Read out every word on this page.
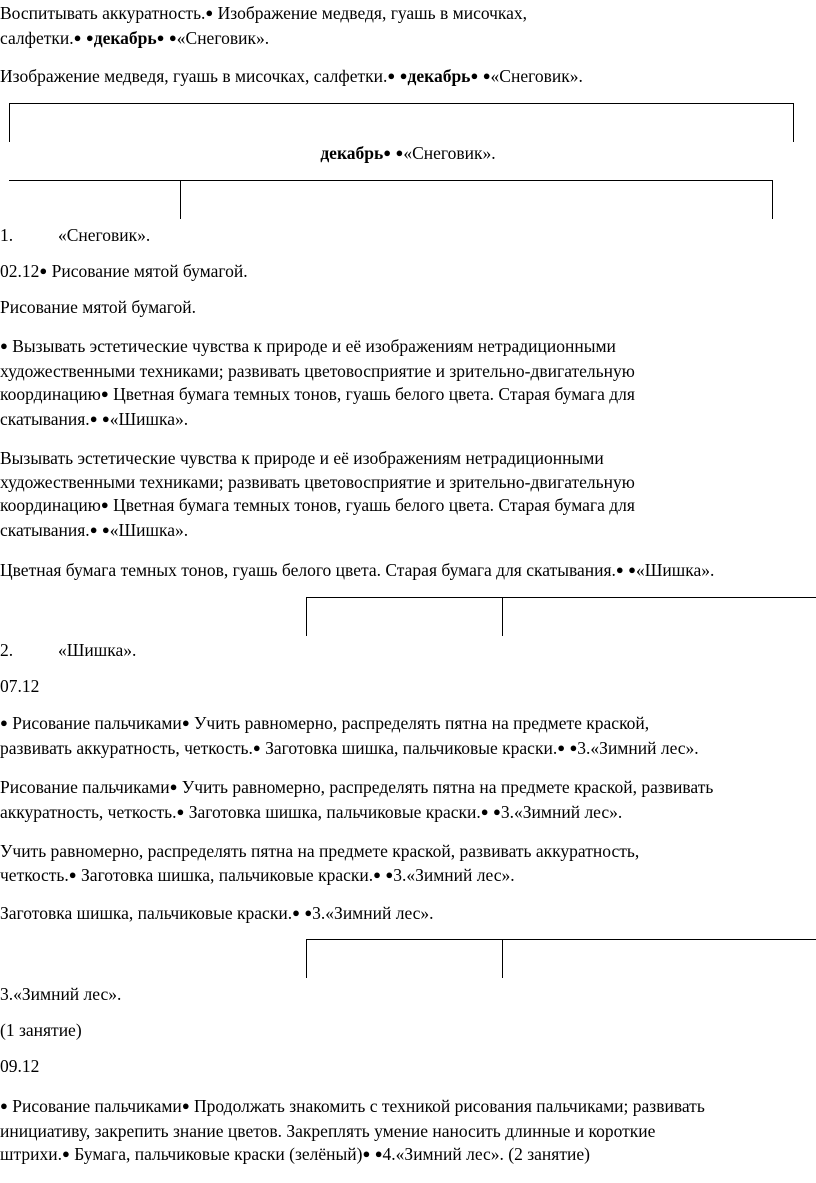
Воспитывать аккуратность.● Изображение медведя, гуашь в мисочках,
салфетки.● ●декабрь● ●«Снеговик».
Изображение медведя, гуашь в мисочках, салфетки.● ●декабрь● ●«Снеговик».
декабрь● ●«Снеговик».
1.	«Снеговик».
02.12● Рисование мятой бумагой.
Рисование мятой бумагой.
● Вызывать эстетические чувства к природе и её изображениям нетрадиционными
художественными техниками; развивать цветовосприятие и зрительно-двигательную
координацию● Цветная бумага темных тонов, гуашь белого цвета. Старая бумага для
скатывания.● ●«Шишка».
Вызывать эстетические чувства к природе и её изображениям нетрадиционными
художественными техниками; развивать цветовосприятие и зрительно-двигательную
координацию● Цветная бумага темных тонов, гуашь белого цвета. Старая бумага для
скатывания.● ●«Шишка».
Цветная бумага темных тонов, гуашь белого цвета. Старая бумага для скатывания.● ●«Шишка».
2.	«Шишка».
07.12
● Рисование пальчиками● Учить равномерно, распределять пятна на предмете краской,
развивать аккуратность, четкость.● Заготовка шишка, пальчиковые краски.● ●3.«Зимний лес».
Рисование пальчиками● Учить равномерно, распределять пятна на предмете краской, развивать
аккуратность, четкость.● Заготовка шишка, пальчиковые краски.● ●3.«Зимний лес».
Учить равномерно, распределять пятна на предмете краской, развивать аккуратность,
четкость.● Заготовка шишка, пальчиковые краски.● ●3.«Зимний лес».
Заготовка шишка, пальчиковые краски.● ●3.«Зимний лес».
3.«Зимний лес».
(1 занятие)
09.12
● Рисование пальчиками● Продолжать знакомить с техникой рисования пальчиками; развивать
инициативу, закрепить знание цветов. Закреплять умение наносить длинные и короткие
штрихи.● Бумага, пальчиковые краски (зелёный)● ●4.«Зимний лес». (2 занятие)
